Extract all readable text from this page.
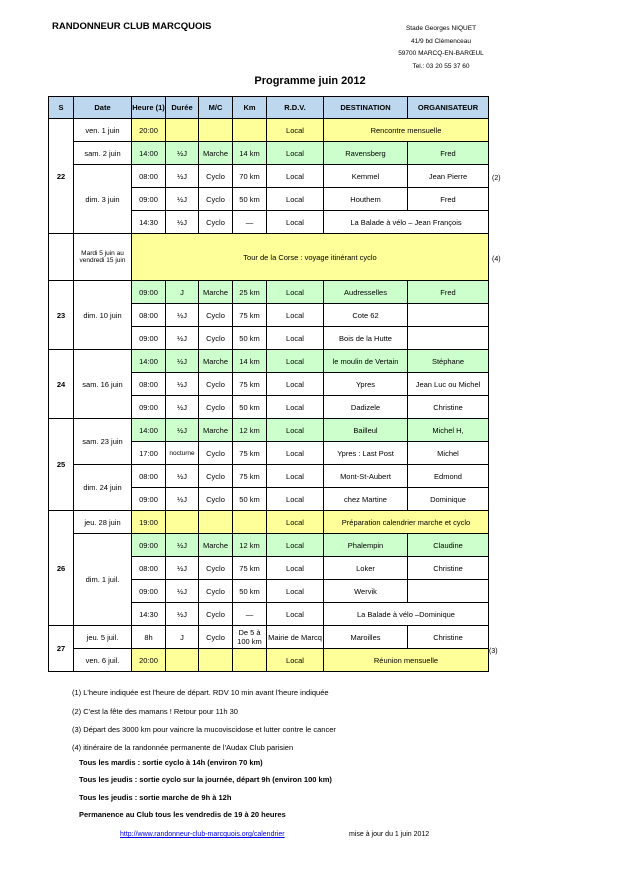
RANDONNEUR CLUB MARCQUOIS	Stade Georges NIQUET
41/9 bd Clémenceau
59700 MARCQ-EN-BARŒUL
Tel.: 03 20 55 37 60
Programme juin 2012
S	Date	Heure (1)	Durée	M/C	Km	R.D.V.	DESTINATION	ORGANISATEUR
22	ven. 1 juin	20:00				Local	Rencontre mensuelle	
	sam. 2 juin	14:00	½J	Marche	14 km	Local	Ravensberg	Fred
	dim. 3 juin	08:00	½J	Cyclo	70 km	Local	Kemmel	Jean Pierre
		09:00	½J	Cyclo	50 km	Local	Houthem	Fred
		14:30	½J	Cyclo	—	Local	La Balade à vélo – Jean François	
	Mardi 5 juin au vendredi 15 juin	Tour de la Corse : voyage itinérant cyclo						
23	dim. 10 juin	09:00	J	Marche	25 km	Local	Audresselles	Fred
		08:00	½J	Cyclo	75 km	Local	Cote 62	
		09:00	½J	Cyclo	50 km	Local	Bois de la Hutte	
24	sam. 16 juin	14:00	½J	Marche	14 km	Local	le moulin de Vertain	Stéphane
		08:00	½J	Cyclo	75 km	Local	Ypres	Jean Luc ou Michel
		09:00	½J	Cyclo	50 km	Local	Dadizele	Christine
25	sam. 23 juin	14:00	½J	Marche	12 km	Local	Bailleul	Michel H,
		17:00	nocturne	Cyclo	75 km	Local	Ypres : Last Post	Michel
	dim. 24 juin	08:00	½J	Cyclo	75 km	Local	Mont-St-Aubert	Edmond
		09:00	½J	Cyclo	50 km	Local	chez Martine	Dominique
26	jeu. 28 juin	19:00				Local	Préparation calendrier marche et cyclo	
	dim. 1 juil.	09:00	½J	Marche	12 km	Local	Phalempin	Claudine
		08:00	½J	Cyclo	75 km	Local	Loker	Christine
		09:00	½J	Cyclo	50 km	Local	Wervik	
		14:30	½J	Cyclo	—	Local	La Balade à vélo –Dominique	
27	jeu. 5 juil.	8h	J	Cyclo	De 5 à 100 km	Mairie de Marcq	Maroilles	Christine
	ven. 6 juil.	20:00				Local	Réunion mensuelle	
(2)
(4)
(3)
(1) L'heure indiquée est l'heure de départ. RDV 10 min avant l'heure indiquée
(2) C'est la fête des mamans ! Retour pour 11h 30
(3) Départ des 3000 km pour vaincre la mucoviscidose et lutter contre le cancer
(4) itinéraire de la randonnée permanente de l'Audax Club parisien
Tous les mardis : sortie cyclo à 14h (environ 70 km)
Tous les jeudis : sortie cyclo sur la journée, départ 9h (environ 100 km)
Tous les jeudis : sortie marche de 9h à 12h
Permanence au Club tous les vendredis de 19 à 20 heures
http://www.randonneur-club-marcquois.org/calendrier	mise à jour du 1 juin 2012
